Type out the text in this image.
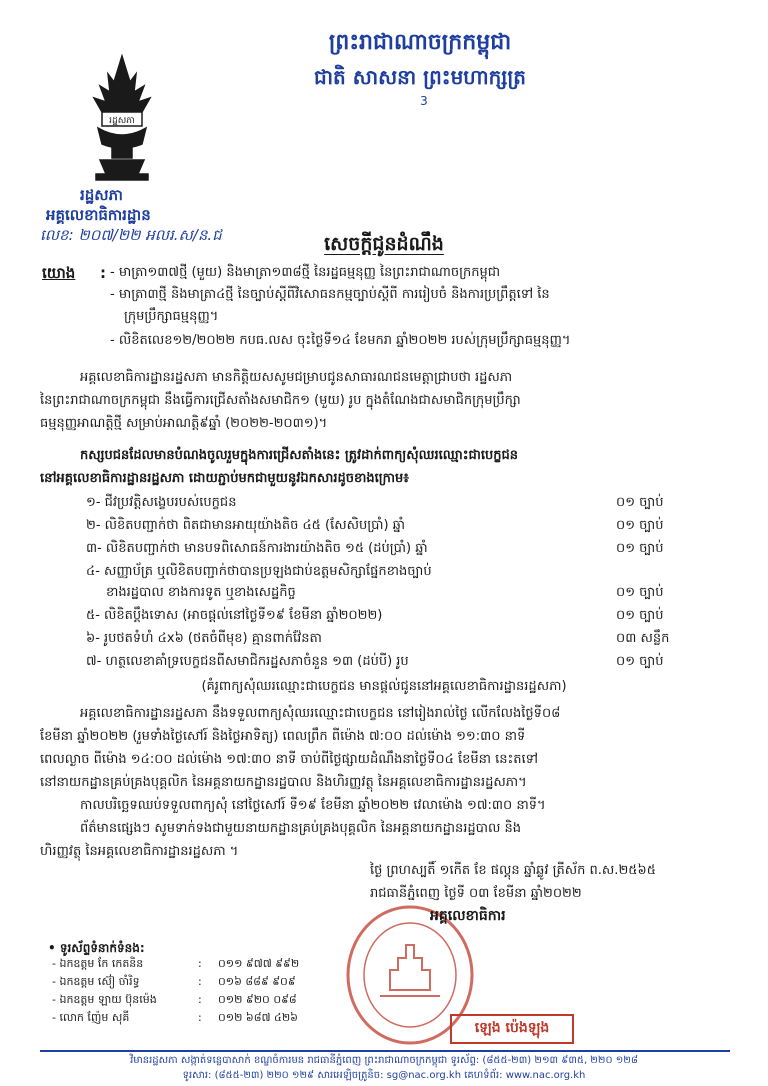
ព្រះរាជាណាចក្រកម្ពុជា
ជាតិ សាសនា ព្រះមហាក្សត្រ
3
រដ្ឋសភា
រដ្ឋសភា
អគ្គលេខាធិការដ្ឋាន
លេខ: ២០៧/២២ អលរ.ស/ន.ជ	សេចក្ដីជូនដំណឹង
យោង : - មាត្រា១៣៧ថ្មី (មួយ) និងមាត្រា១៣៨ថ្មី នៃរដ្ឋធម្មនុញ្ញ នៃព្រះរាជាណាចក្រកម្ពុជា
- មាត្រា៣ថ្មី និងមាត្រា៤ថ្មី នៃច្បាប់ស្ដីពីវិសោធនកម្មច្បាប់ស្ដីពី ការរៀបចំ និងការប្រព្រឹត្តទៅ នៃ
ក្រុមប្រឹក្សាធម្មនុញ្ញ។
- លិខិតលេខ១២/២០២២ កបធ.លស ចុះថ្ងៃទី១៤ ខែមករា ឆ្នាំ២០២២ របស់ក្រុមប្រឹក្សាធម្មនុញ្ញ។
អគ្គលេខាធិការដ្ឋានរដ្ឋសភា មានកិត្តិយសសូមជម្រាបជូនសាធារណជនមេត្តាជ្រាបថា រដ្ឋសភា
នៃព្រះរាជាណាចក្រកម្ពុជា នឹងធ្វើការជ្រើសតាំងសមាជិក១ (មួយ) រូប ក្នុងតំណែងជាសមាជិកក្រុមប្រឹក្សា
ធម្មនុញ្ញអាណត្តិថ្មី សម្រាប់អាណត្តិ៩ឆ្នាំ (២០២២-២០៣១)។
កស្សបជនដែលមានបំណងចូលរួមក្នុងការជ្រើសតាំងនេះ ត្រូវដាក់ពាក្យសុំឈរឈ្មោះជាបេក្ខជន
នៅអគ្គលេខាធិការដ្ឋានរដ្ឋសភា ដោយភ្ជាប់មកជាមួយនូវឯកសារដូចខាងក្រោម៖
១- ជីវប្រវត្តិសង្ខេបរបស់បេក្ខជន	០១ ច្បាប់
២- លិខិតបញ្ជាក់ថា ពិតជាមានអាយុយ៉ាងតិច ៤៥ (សែសិបប្រាំ) ឆ្នាំ	០១ ច្បាប់
៣- លិខិតបញ្ជាក់ថា មានបទពិសោធន៍ការងារយ៉ាងតិច ១៥ (ដប់ប្រាំ) ឆ្នាំ	០១ ច្បាប់
៤- សញ្ញាប័ត្រ ឬលិខិតបញ្ជាក់ថាបានប្រឡងជាប់ឧត្តមសិក្សាផ្នែកខាងច្បាប់
ខាងរដ្ឋបាល ខាងការទូត ឬខាងសេដ្ឋកិច្ច	០១ ច្បាប់
៥- លិខិតប្ដឹងទោស (អាចផ្ដល់នៅថ្ងៃទី១៩ ខែមីនា ឆ្នាំ២០២២)	០១ ច្បាប់
៦- រូបថតទំហំ ៤x៦ (ថតចំពីមុខ) គ្មានពាក់វ៉ែនតា	០៣ សន្លឹក
៧- ហត្ថលេខាគាំទ្របេក្ខជនពីសមាជិករដ្ឋសភាចំនួន ១៣ (ដប់បី) រូប	០១ ច្បាប់
(គំរូពាក្យសុំឈរឈ្មោះជាបេក្ខជន មានផ្ដល់ជូននៅអគ្គលេខាធិការដ្ឋានរដ្ឋសភា)
អគ្គលេខាធិការដ្ឋានរដ្ឋសភា នឹងទទួលពាក្យសុំឈរឈ្មោះជាបេក្ខជន នៅរៀងរាល់ថ្ងៃ លើកលែងថ្ងៃទី០៨
ខែមីនា ឆ្នាំ២០២២ (រួមទាំងថ្ងៃសៅរ៍ និងថ្ងៃអាទិត្យ) ពេលព្រឹក ពីម៉ោង ៧:០០ ដល់ម៉ោង ១១:៣០ នាទី
ពេលល្ងាច ពីម៉ោង ១៤:០០ ដល់ម៉ោង ១៧:៣០ នាទី ចាប់ពីថ្ងៃផ្សាយដំណឹងនាថ្ងៃទី០៤ ខែមីនា នេះតទៅ
នៅនាយកដ្ឋានគ្រប់គ្រងបុគ្គលិក នៃអគ្គនាយកដ្ឋានរដ្ឋបាល និងហិរញ្ញវត្ថុ នៃអគ្គលេខាធិការដ្ឋានរដ្ឋសភា។
កាលបរិច្ឆេទឈប់ទទួលពាក្យសុំ នៅថ្ងៃសៅរ៍ ទី១៩ ខែមីនា ឆ្នាំ២០២២ វេលាម៉ោង ១៧:៣០ នាទី។
ព័ត៌មានផ្សេងៗ សូមទាក់ទងជាមួយនាយកដ្ឋានគ្រប់គ្រងបុគ្គលិក នៃអគ្គនាយកដ្ឋានរដ្ឋបាល និង
ហិរញ្ញវត្ថុ នៃអគ្គលេខាធិការដ្ឋានរដ្ឋសភា ។
ថ្ងៃ ព្រហស្បតិ៍ ១កើត ខែ ផល្គុន ឆ្នាំឆ្លូវ ត្រីស័ក ព.ស.២៥៦៥
រាជធានីភ្នំពេញ ថ្ងៃទី ០៣ ខែមីនា ឆ្នាំ២០២២
អគ្គលេខាធិការ
ឡេង ប៉េងឡុង
• ទូរស័ព្ទទំនាក់ទំនង:
- ឯកឧត្តម កែ កេតនិន	: ០១១ ៩៧៧ ៩៩២
- ឯកឧត្តម ស៊ៀ ចាំរិទ្ធ	: ០១៦ ៨៨៩ ៩០៩
- ឯកឧត្តម ឡាយ ប៊ុនម៉េង	: ០១២ ៩២០ ០៩៨
- លោក ញ៉ែម សុគី	: ០១២ ៦៨៧ ៤២៦
វិមានរដ្ឋសភា សង្កាត់ទន្លេបាសាក់ ខណ្ឌចំការមន រាជធានីភ្នំពេញ ព្រះរាជាណាចក្រកម្ពុជា ទូរស័ព្ទ: (៨៥៥-២៣) ២១៣ ៩៣៥, ២២០ ១២៨
ទូរសារ: (៨៥៥-២៣) ២២០ ១២៩ សារអេឡិចត្រូនិច: sg@nac.org.kh គេហទំព័រ: www.nac.org.kh
